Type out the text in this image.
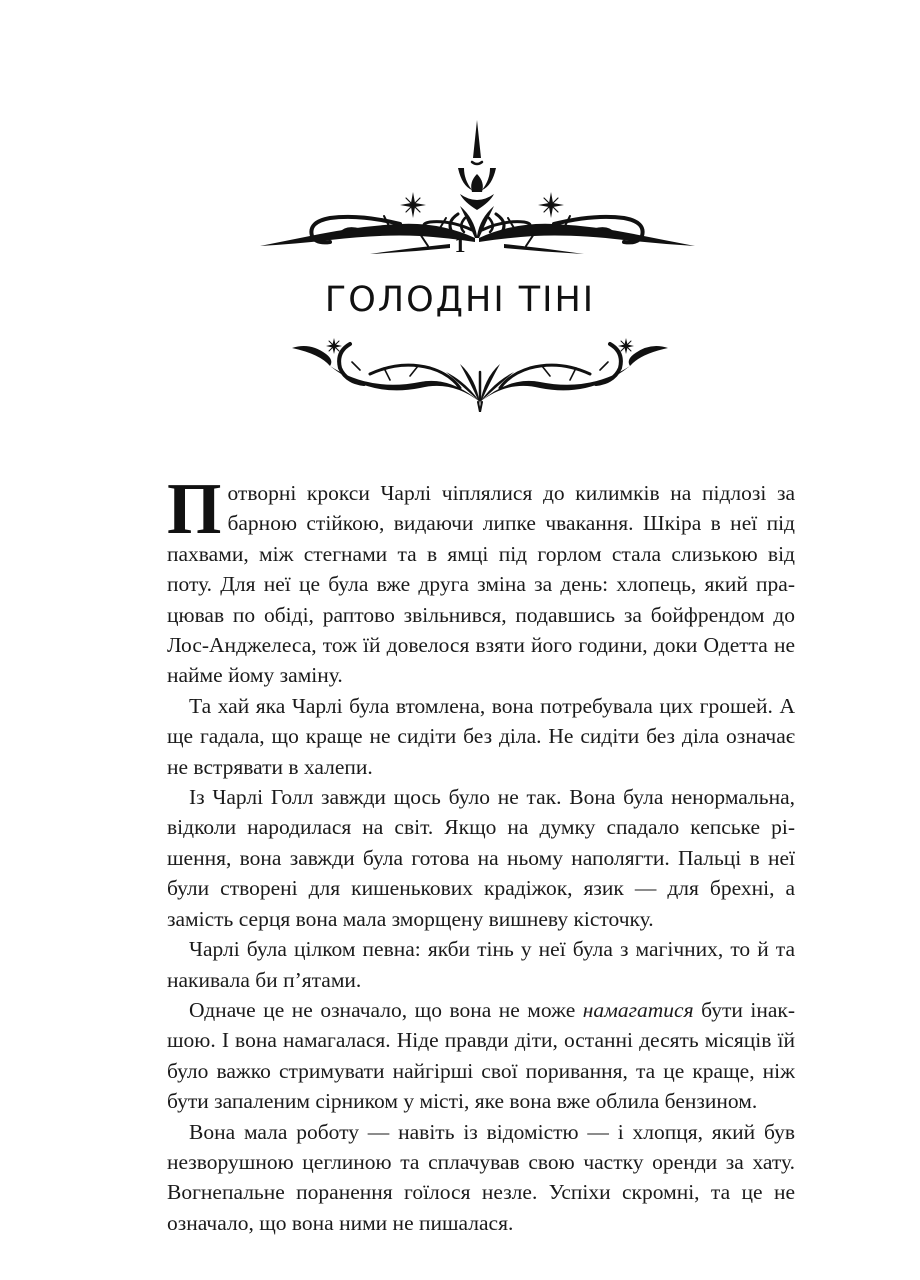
1
ГОЛОДНІ ТІНІ

Потворні крокси Чарлі чіплялися до килимків на підлозі за барною стійкою, видаючи липке чвакання. Шкіра в неї під пахвами, між стегнами та в ямці під горлом стала слизькою від поту. Для неї це була вже друга зміна за день: хлопець, який працював по обіді, раптово звільнився, подавшись за бойфрендом до Лос-Анджелеса, тож їй довелося взяти його години, доки Одетта не найме йому заміну.

Та хай яка Чарлі була втомлена, вона потребувала цих грошей. А ще гадала, що краще не сидіти без діла. Не сидіти без діла означає не встрявати в халепи.

Із Чарлі Голл завжди щось було не так. Вона була ненормальна, відколи народилася на світ. Якщо на думку спадало кепське рішення, вона завжди була готова на ньому наполягти. Пальці в неї були створені для кишенькових крадіжок, язик — для брехні, а замість серця вона мала зморщену вишневу кісточку.

Чарлі була цілком певна: якби тінь у неї була з магічних, то й та накивала би п’ятами.

Одначе це не означало, що вона не може намагатися бути інакшою. І вона намагалася. Ніде правди діти, останні десять місяців їй було важко стримувати найгірші свої поривання, та це краще, ніж бути запаленим сірником у місті, яке вона вже облила бензином.

Вона мала роботу — навіть із відомістю — і хлопця, який був незворушною цеглиною та сплачував свою частку оренди за хату. Вогнепальне поранення гоїлося незле. Успіхи скромні, та це не означало, що вона ними не пишалася.
